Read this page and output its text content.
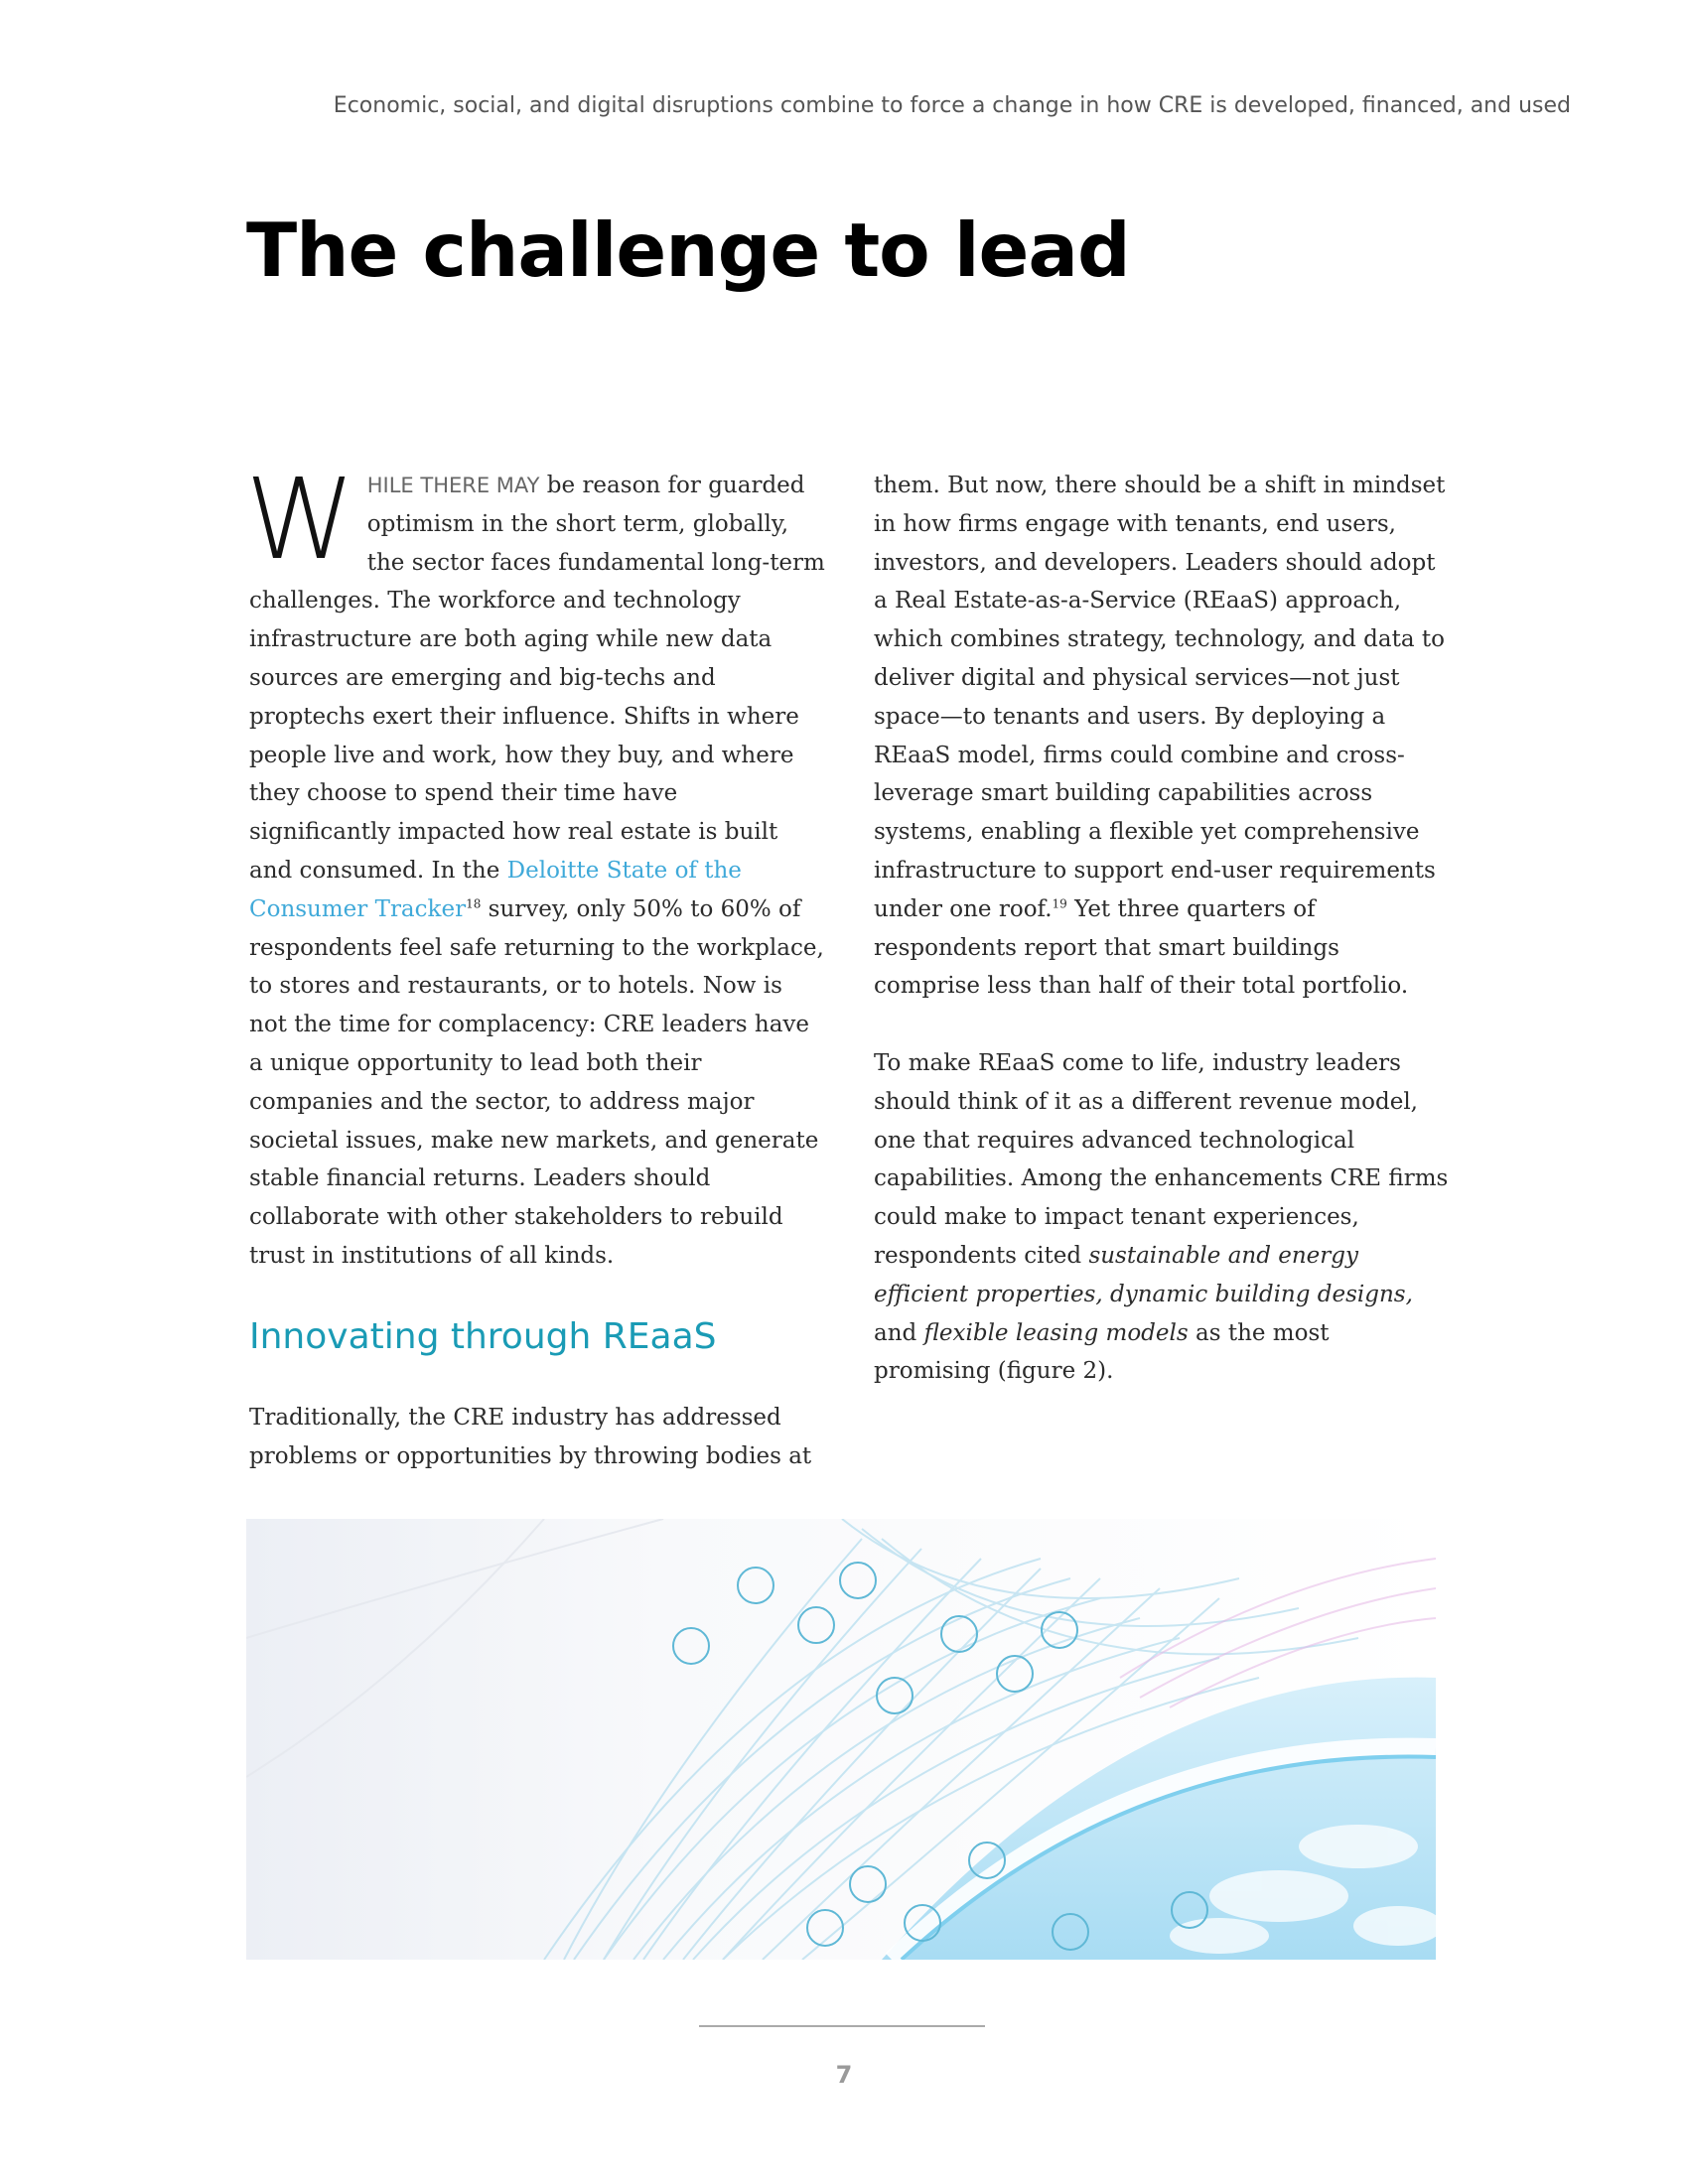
Economic, social, and digital disruptions combine to force a change in how CRE is developed, financed, and used
The challenge to lead

WHILE THERE MAY be reason for guarded optimism in the short term, globally, the sector faces fundamental long-term challenges. The workforce and technology infrastructure are both aging while new data sources are emerging and big-techs and proptechs exert their influence. Shifts in where people live and work, how they buy, and where they choose to spend their time have significantly impacted how real estate is built and consumed. In the Deloitte State of the Consumer Tracker$^{18}$ survey, only 50% to 60% of respondents feel safe returning to the workplace, to stores and restaurants, or to hotels. Now is not the time for complacency: CRE leaders have a unique opportunity to lead both their companies and the sector, to address major societal issues, make new markets, and generate stable financial returns. Leaders should collaborate with other stakeholders to rebuild trust in institutions of all kinds.

Innovating through REaaS

Traditionally, the CRE industry has addressed problems or opportunities by throwing bodies at

them. But now, there should be a shift in mindset in how firms engage with tenants, end users, investors, and developers. Leaders should adopt a Real Estate-as-a-Service (REaaS) approach, which combines strategy, technology, and data to deliver digital and physical services—not just space—to tenants and users. By deploying a REaaS model, firms could combine and cross-leverage smart building capabilities across systems, enabling a flexible yet comprehensive infrastructure to support end-user requirements under one roof.$^{19}$ Yet three quarters of respondents report that smart buildings comprise less than half of their total portfolio.

To make REaaS come to life, industry leaders should think of it as a different revenue model, one that requires advanced technological capabilities. Among the enhancements CRE firms could make to impact tenant experiences, respondents cited sustainable and energy efficient properties, dynamic building designs, and flexible leasing models as the most promising (figure 2).

7
